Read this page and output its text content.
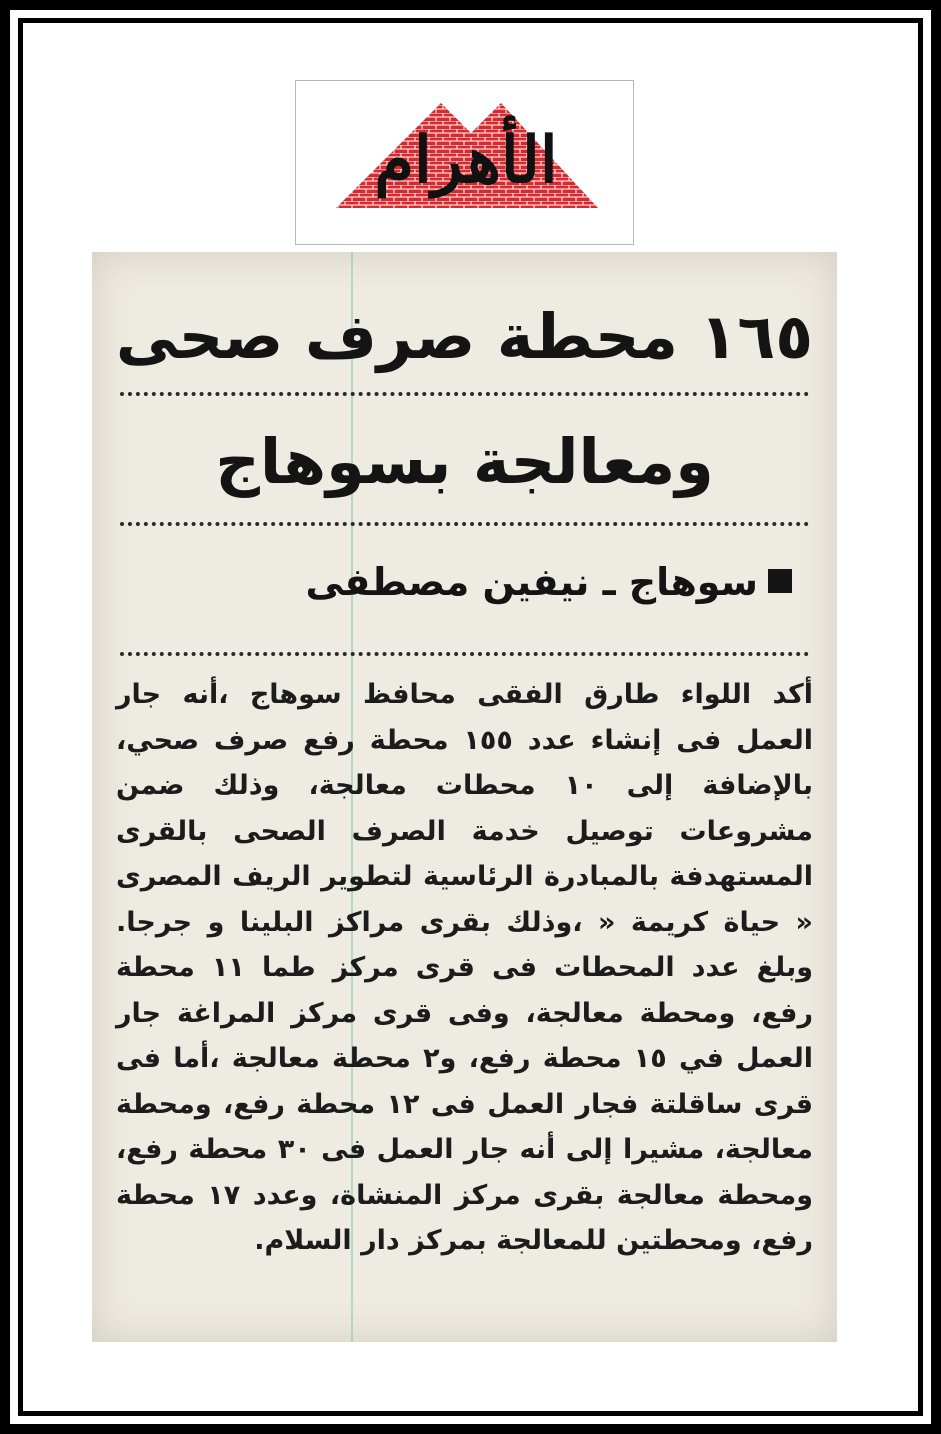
الأهرام
١٦٥ محطة صرف صحى
ومعالجة بسوهاج
سوهاج ـ نيفين مصطفى
أكد اللواء طارق الفقى محافظ سوهاج ،أنه جار العمل فى إنشاء عدد ١٥٥ محطة رفع صرف صحي، بالإضافة إلى ١٠ محطات معالجة، وذلك ضمن مشروعات توصيل خدمة الصرف الصحى بالقرى المستهدفة بالمبادرة الرئاسية لتطوير الريف المصرى « حياة كريمة « ،وذلك بقرى مراكز البلينا و جرجا. وبلغ عدد المحطات فى قرى مركز طما ١١ محطة رفع، ومحطة معالجة، وفى قرى مركز المراغة جار العمل في ١٥ محطة رفع، و٢ محطة معالجة ،أما فى قرى ساقلتة فجار العمل فى ١٢ محطة رفع، ومحطة معالجة، مشيرا إلى أنه جار العمل فى ٣٠ محطة رفع، ومحطة معالجة بقرى مركز المنشاة، وعدد ١٧ محطة رفع، ومحطتين للمعالجة بمركز دار السلام.
